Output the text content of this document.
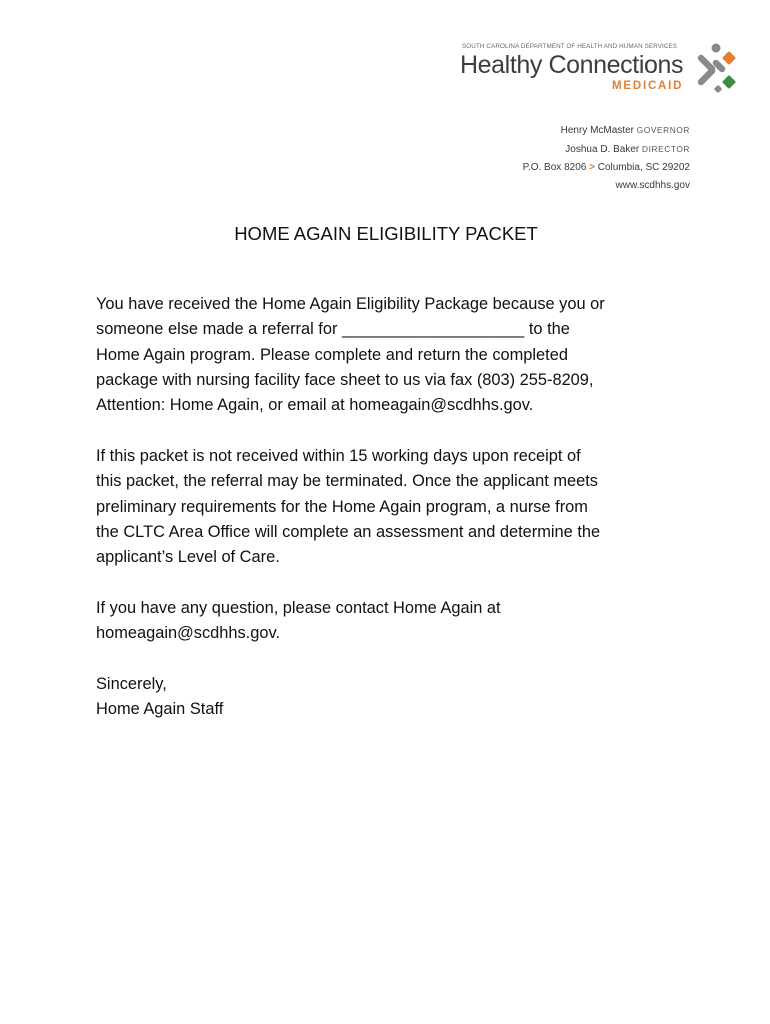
SOUTH CAROLINA DEPARTMENT OF HEALTH AND HUMAN SERVICES
Healthy Connections
MEDICAID
Henry McMaster GOVERNOR
Joshua D. Baker DIRECTOR
P.O. Box 8206 > Columbia, SC 29202
www.scdhhs.gov
HOME AGAIN ELIGIBILITY PACKET

You have received the Home Again Eligibility Package because you or
someone else made a referral for ____________________ to the
Home Again program. Please complete and return the completed
package with nursing facility face sheet to us via fax (803) 255-8209,
Attention: Home Again, or email at homeagain@scdhhs.gov.

If this packet is not received within 15 working days upon receipt of
this packet, the referral may be terminated. Once the applicant meets
preliminary requirements for the Home Again program, a nurse from
the CLTC Area Office will complete an assessment and determine the
applicant’s Level of Care.

If you have any question, please contact Home Again at
homeagain@scdhhs.gov.

Sincerely,
Home Again Staff
